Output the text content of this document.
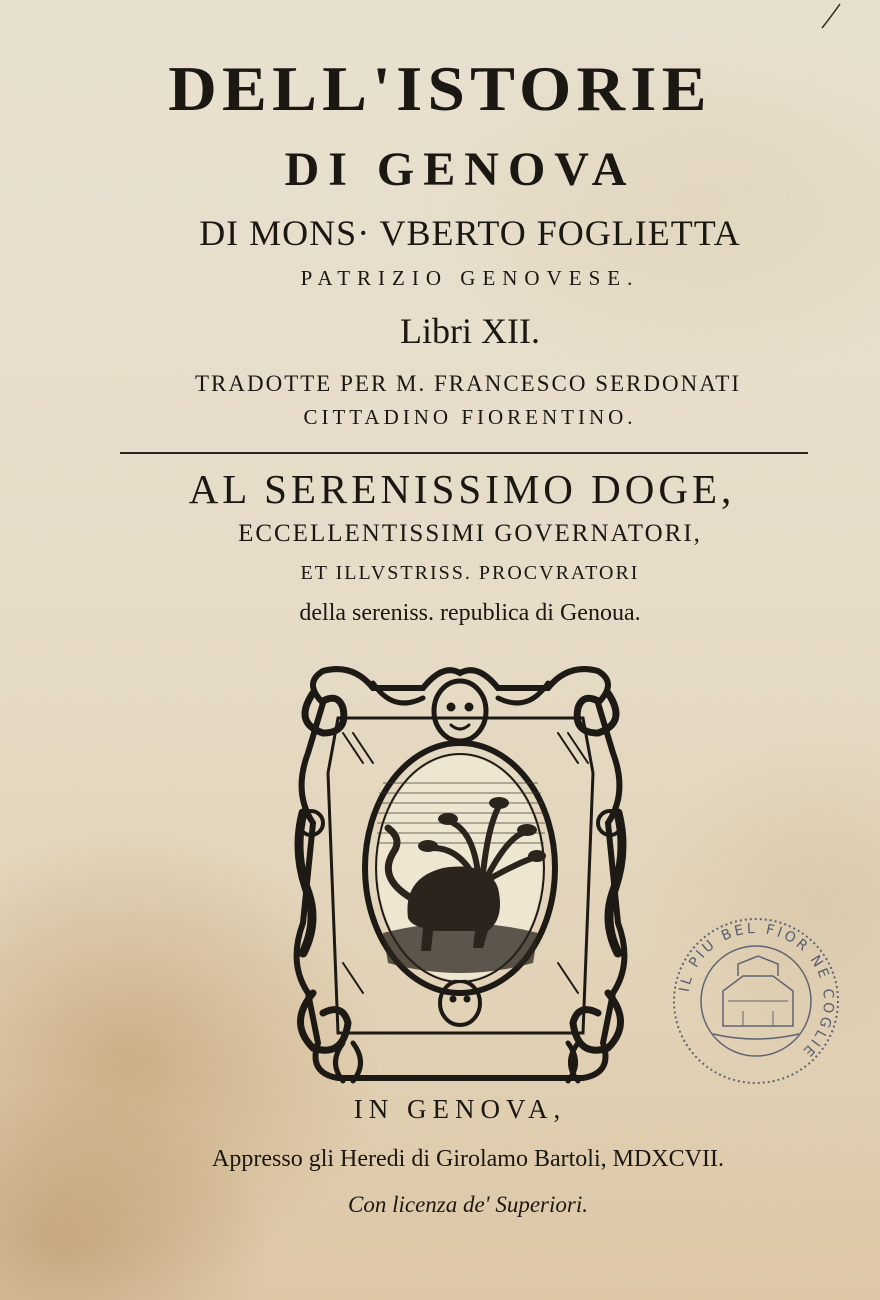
DELL'ISTORIE
DI GENOVA
DI MONS· VBERTO FOGLIETTA
PATRIZIO GENOVESE.
Libri XII.
TRADOTTE PER M. FRANCESCO SERDONATI
CITTADINO FIORENTINO.
AL SERENISSIMO DOGE,
ECCELLENTISSIMI GOVERNATORI,
ET ILLVSTRISS. PROCVRATORI
della sereniss. republica di Genoua.
IL PIU BEL FIOR NE COGLIE
IN GENOVA,
Appresso gli Heredi di Girolamo Bartoli, MDXCVII.
Con licenza de' Superiori.
